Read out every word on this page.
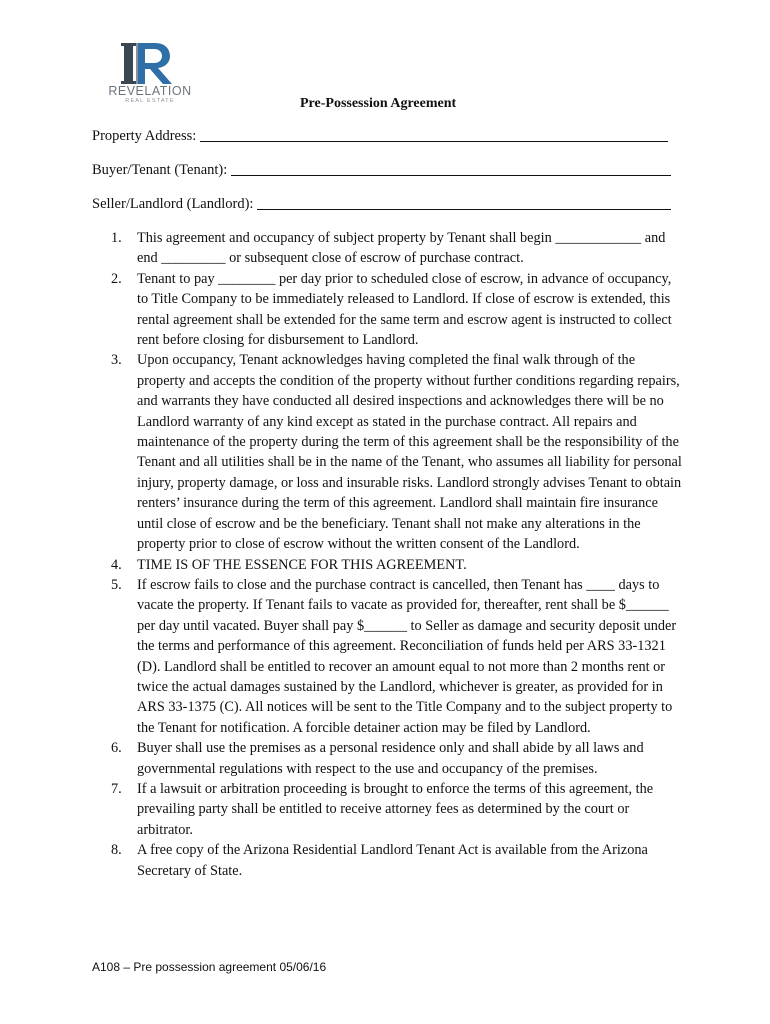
REVELATION
REAL ESTATE	Pre-Possession Agreement
Property Address:
Buyer/Tenant (Tenant):
Seller/Landlord (Landlord):
1. This agreement and occupancy of subject property by Tenant shall begin ____________ and end _________ or subsequent close of escrow of purchase contract.
2. Tenant to pay ________ per day prior to scheduled close of escrow, in advance of occupancy, to Title Company to be immediately released to Landlord. If close of escrow is extended, this rental agreement shall be extended for the same term and escrow agent is instructed to collect rent before closing for disbursement to Landlord.
3. Upon occupancy, Tenant acknowledges having completed the final walk through of the property and accepts the condition of the property without further conditions regarding repairs, and warrants they have conducted all desired inspections and acknowledges there will be no Landlord warranty of any kind except as stated in the purchase contract. All repairs and maintenance of the property during the term of this agreement shall be the responsibility of the Tenant and all utilities shall be in the name of the Tenant, who assumes all liability for personal injury, property damage, or loss and insurable risks. Landlord strongly advises Tenant to obtain renters’ insurance during the term of this agreement. Landlord shall maintain fire insurance until close of escrow and be the beneficiary. Tenant shall not make any alterations in the property prior to close of escrow without the written consent of the Landlord.
4. TIME IS OF THE ESSENCE FOR THIS AGREEMENT.
5. If escrow fails to close and the purchase contract is cancelled, then Tenant has ____ days to vacate the property. If Tenant fails to vacate as provided for, thereafter, rent shall be $______ per day until vacated. Buyer shall pay $______ to Seller as damage and security deposit under the terms and performance of this agreement. Reconciliation of funds held per ARS 33-1321 (D). Landlord shall be entitled to recover an amount equal to not more than 2 months rent or twice the actual damages sustained by the Landlord, whichever is greater, as provided for in ARS 33-1375 (C). All notices will be sent to the Title Company and to the subject property to the Tenant for notification. A forcible detainer action may be filed by Landlord.
6. Buyer shall use the premises as a personal residence only and shall abide by all laws and governmental regulations with respect to the use and occupancy of the premises.
7. If a lawsuit or arbitration proceeding is brought to enforce the terms of this agreement, the prevailing party shall be entitled to receive attorney fees as determined by the court or arbitrator.
8. A free copy of the Arizona Residential Landlord Tenant Act is available from the Arizona Secretary of State.
A108 – Pre possession agreement 05/06/16
